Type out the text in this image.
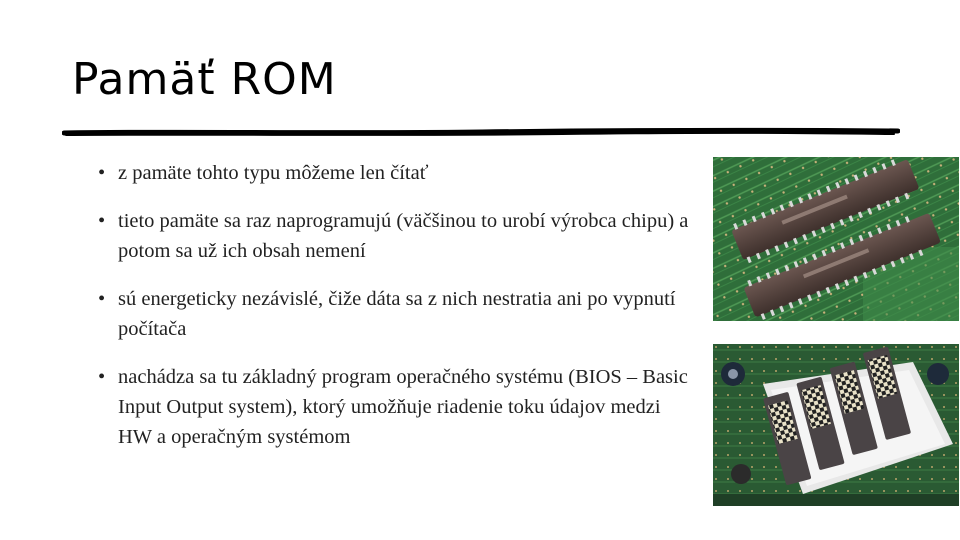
Pamäť ROM
• z pamäte tohto typu môžeme len čítať
• tieto pamäte sa raz naprogramujú (väčšinou to urobí výrobca chipu) a potom sa už ich obsah nemení
• sú energeticky nezávislé, čiže dáta sa z nich nestratia ani po vypnutí počítača
• nachádza sa tu základný program operačného systému (BIOS – Basic Input Output system), ktorý umožňuje riadenie toku údajov medzi HW a operačným systémom
